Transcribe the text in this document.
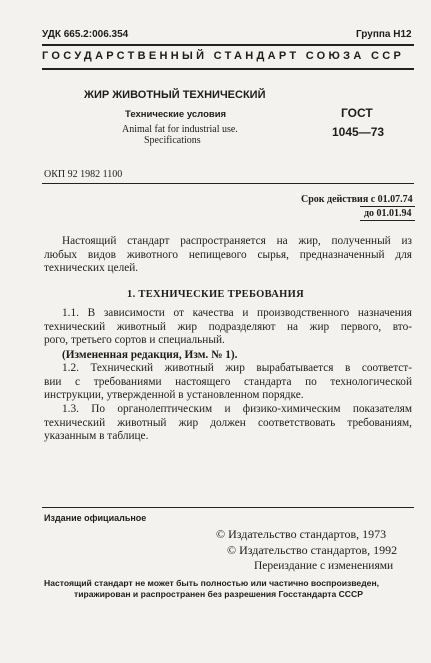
УДК 665.2:006.354	Группа Н12
ГОСУДАРСТВЕННЫЙ СТАНДАРТ СОЮЗА ССР
ЖИР ЖИВОТНЫЙ ТЕХНИЧЕСКИЙ
Технические условия
Animal fat for industrial use.
Specifications
ГОСТ
1045—73
ОКП 92 1982 1100
Срок действия с 01.07.74
до 01.01.94
Настоящий стандарт распространяется на жир, полученный из
любых видов животного непищевого сырья, предназначенный для
технических целей.
1. ТЕХНИЧЕСКИЕ ТРЕБОВАНИЯ
1.1. В зависимости от качества и производственного назначения
технический животный жир подразделяют на жир первого, вто-
рого, третьего сортов и специальный.
(Измененная редакция, Изм. № 1).
1.2. Технический животный жир вырабатывается в соответст-
вии с требованиями настоящего стандарта по технологической
инструкции, утвержденной в установленном порядке.
1.3. По органолептическим и физико-химическим показателям
технический животный жир должен соответствовать требованиям,
указанным в таблице.
Издание официальное
© Издательство стандартов, 1973
© Издательство стандартов, 1992
Переиздание с изменениями
Настоящий стандарт не может быть полностью или частично воспроизведен,
тиражирован и распространен без разрешения Госстандарта СССР
